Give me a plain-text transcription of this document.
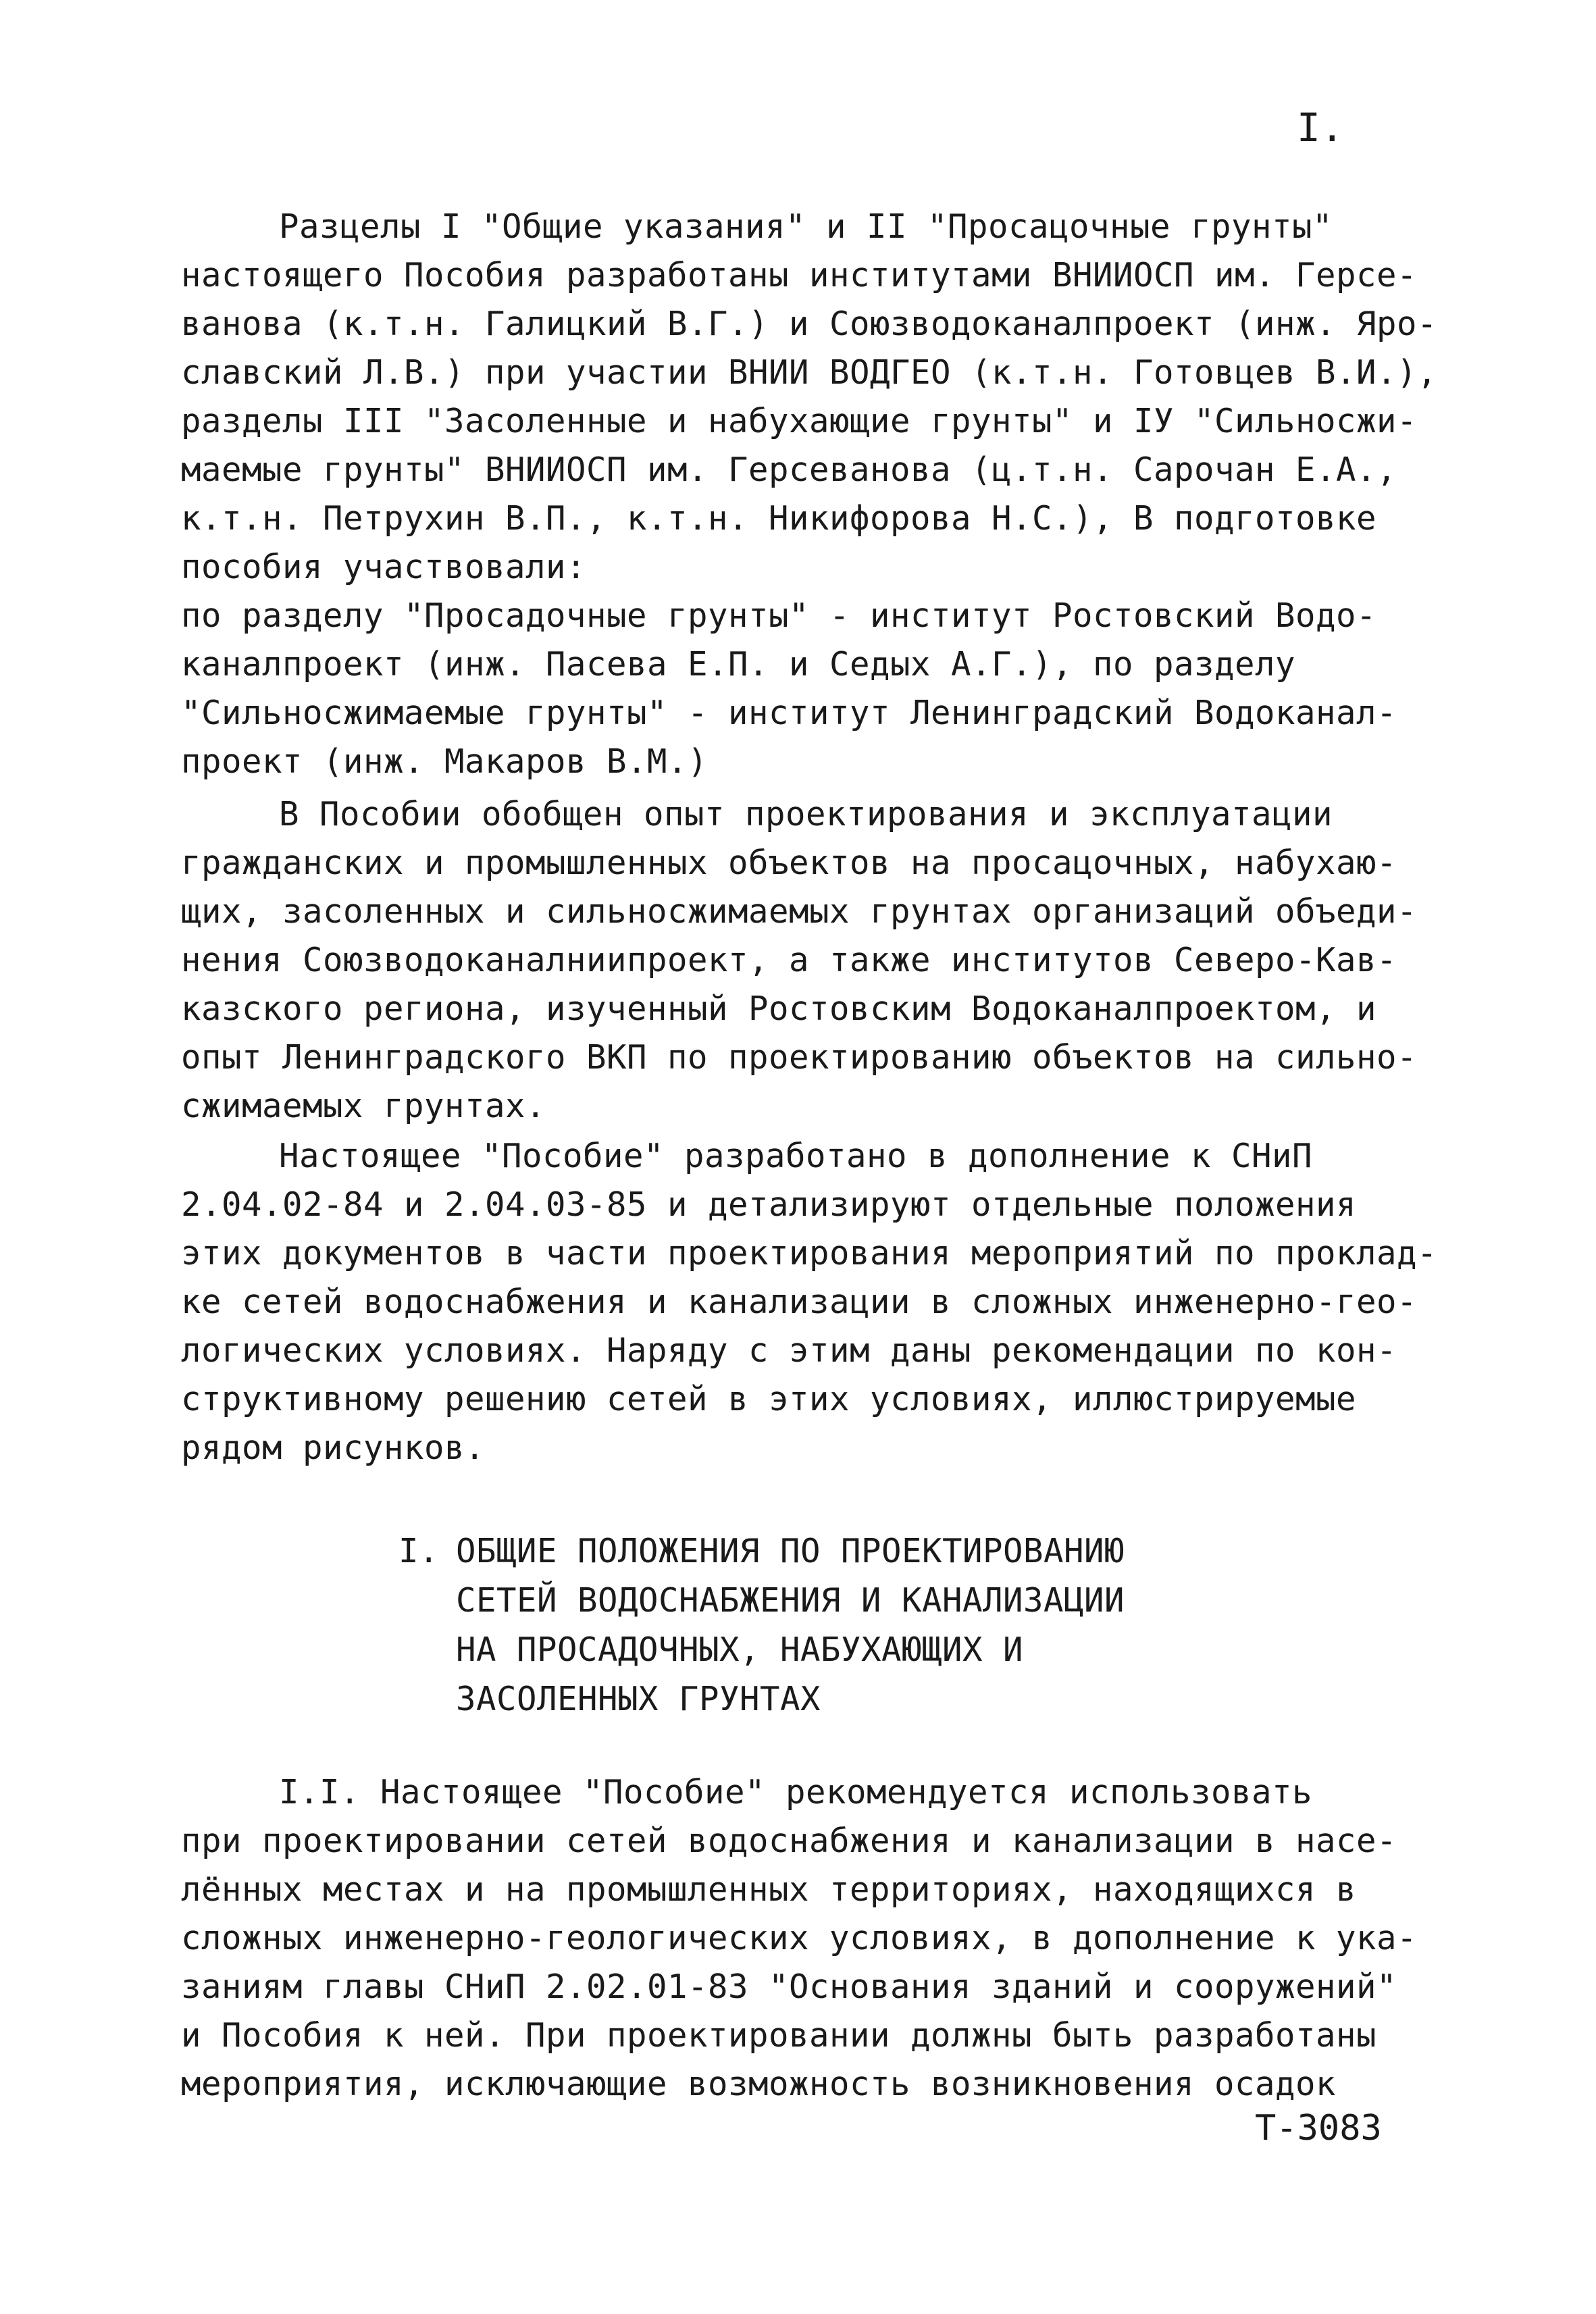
I.
Разцелы I "Общие указания" и II "Просацочные грунты"
настоящего Пособия разработаны институтами ВНИИОСП им. Герсе-
ванова (к.т.н. Галицкий В.Г.) и Союзводоканалпроект (инж. Яро-
славский Л.В.) при участии ВНИИ ВОДГЕО (к.т.н. Готовцев В.И.),
разделы III "Засоленные и набухающие грунты" и IУ "Сильносжи-
маемые грунты" ВНИИОСП им. Герсеванова (ц.т.н. Сарочан Е.А.,
к.т.н. Петрухин В.П., к.т.н. Никифорова Н.С.), В подготовке
пособия участвовали:
по разделу "Просадочные грунты" - институт Ростовский Водо-
каналпроект (инж. Пасева Е.П. и Седых А.Г.), по разделу
"Сильносжимаемые грунты" - институт Ленинградский Водоканал-
проект (инж. Макаров В.М.)
В Пособии обобщен опыт проектирования и эксплуатации
гражданских и промышленных объектов на просацочных, набухаю-
щих, засоленных и сильносжимаемых грунтах организаций объеди-
нения Союзводоканалниипроект, а также институтов Северо-Кав-
казского региона, изученный Ростовским Водоканалпроектом, и
опыт Ленинградского ВКП по проектированию объектов на сильно-
сжимаемых грунтах.
Настоящее "Пособие" разработано в дополнение к СНиП
2.04.02-84 и 2.04.03-85 и детализируют отдельные положения
этих документов в части проектирования мероприятий по проклад-
ке сетей водоснабжения и канализации в сложных инженерно-гео-
логических условиях. Наряду с этим даны рекомендации по кон-
структивному решению сетей в этих условиях, иллюстрируемые
рядом рисунков.
I. ОБЩИЕ ПОЛОЖЕНИЯ ПО ПРОЕКТИРОВАНИЮ
СЕТЕЙ ВОДОСНАБЖЕНИЯ И КАНАЛИЗАЦИИ
НА ПРОСАДОЧНЫХ, НАБУХАЮЩИХ И
ЗАСОЛЕННЫХ ГРУНТАХ
I.I. Настоящее "Пособие" рекомендуется использовать
при проектировании сетей водоснабжения и канализации в насе-
лённых местах и на промышленных территориях, находящихся в
сложных инженерно-геологических условиях, в дополнение к ука-
заниям главы СНиП 2.02.01-83 "Основания зданий и сооружений"
и Пособия к ней. При проектировании должны быть разработаны
мероприятия, исключающие возможность возникновения осадок
Т-3083
